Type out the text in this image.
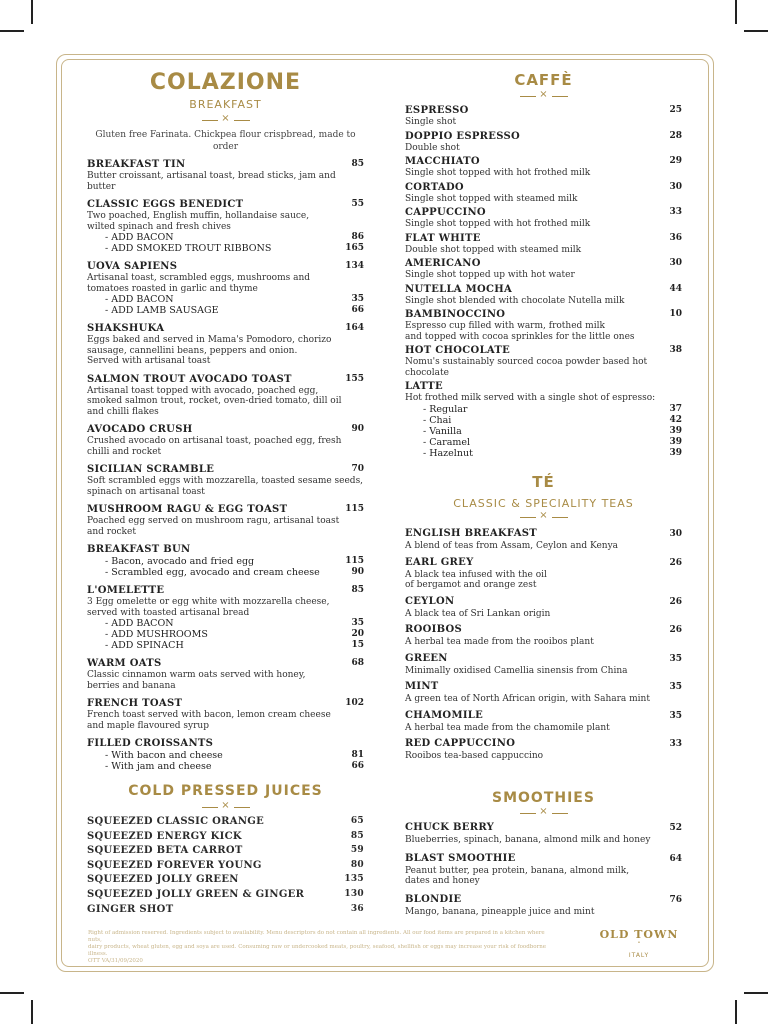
COLAZIONE
BREAKFAST
×
Gluten free Farinata. Chickpea flour crispbread, made to order
BREAKFAST TIN	85
Butter croissant, artisanal toast, bread sticks, jam and butter
CLASSIC EGGS BENEDICT	55
Two poached, English muffin, hollandaise sauce,
wilted spinach and fresh chives
- ADD BACON	86
- ADD SMOKED TROUT RIBBONS	165
UOVA SAPIENS	134
Artisanal toast, scrambled eggs, mushrooms and
tomatoes roasted in garlic and thyme
- ADD BACON	35
- ADD LAMB SAUSAGE	66
SHAKSHUKA	164
Eggs baked and served in Mama's Pomodoro, chorizo
sausage, cannellini beans, peppers and onion.
Served with artisanal toast
SALMON TROUT AVOCADO TOAST	155
Artisanal toast topped with avocado, poached egg,
smoked salmon trout, rocket, oven-dried tomato, dill oil
and chilli flakes
AVOCADO CRUSH	90
Crushed avocado on artisanal toast, poached egg, fresh
chilli and rocket
SICILIAN SCRAMBLE	70
Soft scrambled eggs with mozzarella, toasted sesame seeds,
spinach on artisanal toast
MUSHROOM RAGU & EGG TOAST	115
Poached egg served on mushroom ragu, artisanal toast
and rocket
BREAKFAST BUN
- Bacon, avocado and fried egg	115
- Scrambled egg, avocado and cream cheese	90
L'OMELETTE	85
3 Egg omelette or egg white with mozzarella cheese,
served with toasted artisanal bread
- ADD BACON	35
- ADD MUSHROOMS	20
- ADD SPINACH	15
WARM OATS	68
Classic cinnamon warm oats served with honey,
berries and banana
FRENCH TOAST	102
French toast served with bacon, lemon cream cheese
and maple flavoured syrup
FILLED CROISSANTS
- With bacon and cheese	81
- With jam and cheese	66
COLD PRESSED JUICES
×
SQUEEZED CLASSIC ORANGE	65
SQUEEZED ENERGY KICK	85
SQUEEZED BETA CARROT	59
SQUEEZED FOREVER YOUNG	80
SQUEEZED JOLLY GREEN	135
SQUEEZED JOLLY GREEN & GINGER	130
GINGER SHOT	36
CAFFÈ
×
ESPRESSO	25
Single shot
DOPPIO ESPRESSO	28
Double shot
MACCHIATO	29
Single shot topped with hot frothed milk
CORTADO	30
Single shot topped with steamed milk
CAPPUCCINO	33
Single shot topped with hot frothed milk
FLAT WHITE	36
Double shot topped with steamed milk
AMERICANO	30
Single shot topped up with hot water
NUTELLA MOCHA	44
Single shot blended with chocolate Nutella milk
BAMBINOCCINO	10
Espresso cup filled with warm, frothed milk
and topped with cocoa sprinkles for the little ones
HOT CHOCOLATE	38
Nomu's sustainably sourced cocoa powder based hot chocolate
LATTE
Hot frothed milk served with a single shot of espresso:
- Regular	37
- Chai	42
- Vanilla	39
- Caramel	39
- Hazelnut	39
TÉ
CLASSIC & SPECIALITY TEAS
×
ENGLISH BREAKFAST	30
A blend of teas from Assam, Ceylon and Kenya
EARL GREY	26
A black tea infused with the oil
of bergamot and orange zest
CEYLON	26
A black tea of Sri Lankan origin
ROOIBOS	26
A herbal tea made from the rooibos plant
GREEN	35
Minimally oxidised Camellia sinensis from China
MINT	35
A green tea of North African origin, with Sahara mint
CHAMOMILE	35
A herbal tea made from the chamomile plant
RED CAPPUCCINO	33
Rooibos tea-based cappuccino
SMOOTHIES
×
CHUCK BERRY	52
Blueberries, spinach, banana, almond milk and honey
BLAST SMOOTHIE	64
Peanut butter, pea protein, banana, almond milk,
dates and honey
BLONDIE	76
Mango, banana, pineapple juice and mint
Right of admission reserved. Ingredients subject to availability. Menu descriptors do not contain all ingredients. All our food items are prepared in a kitchen where nuts,
dairy products, wheat gluten, egg and soya are used. Consuming raw or undercooked meats, poultry, seafood, shellfish or eggs may increase your risk of foodborne illness.
OTT VA/31/09/2020
OLD TOWN
•
ITALY
